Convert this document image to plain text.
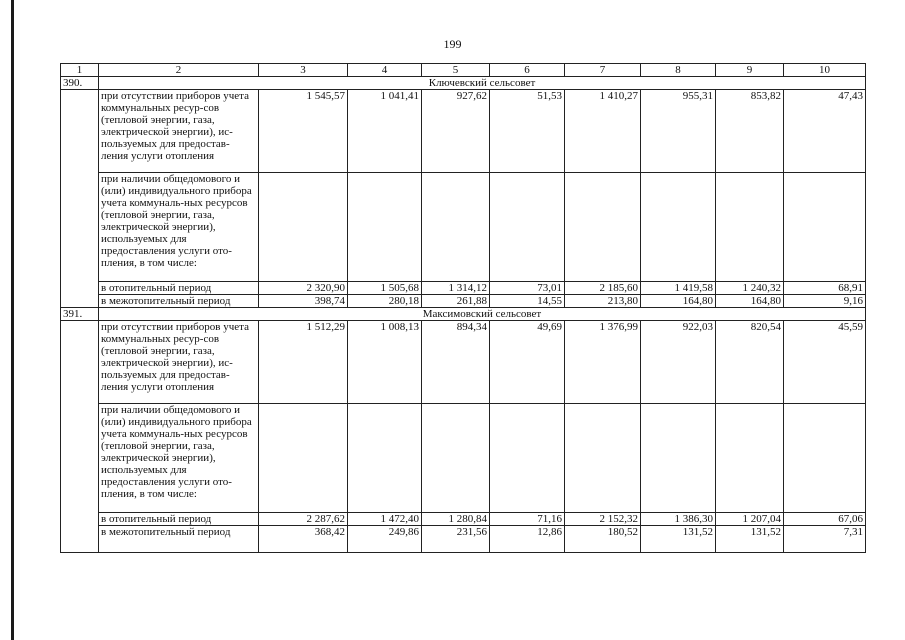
199
1	2	3	4	5	6	7	8	9	10
390.	Ключевский сельсовет								
	при отсутствии приборов учета коммунальных ресур-сов (тепловой энергии, газа, электрической энергии), ис-пользуемых для предостав-ления услуги отопления	1 545,57	1 041,41	927,62	51,53	1 410,27	955,31	853,82	47,43
	при наличии общедомового и (или) индивидуального прибора учета коммуналь-ных ресурсов (тепловой энергии, газа, электрической энергии), используемых для предоставления услуги ото-пления, в том числе:								
	в отопительный период	2 320,90	1 505,68	1 314,12	73,01	2 185,60	1 419,58	1 240,32	68,91
	в межотопительный период	398,74	280,18	261,88	14,55	213,80	164,80	164,80	9,16
391.	Максимовский сельсовет								
	при отсутствии приборов учета коммунальных ресур-сов (тепловой энергии, газа, электрической энергии), ис-пользуемых для предостав-ления услуги отопления	1 512,29	1 008,13	894,34	49,69	1 376,99	922,03	820,54	45,59
	при наличии общедомового и (или) индивидуального прибора учета коммуналь-ных ресурсов (тепловой энергии, газа, электрической энергии), используемых для предоставления услуги ото-пления, в том числе:								
	в отопительный период	2 287,62	1 472,40	1 280,84	71,16	2 152,32	1 386,30	1 207,04	67,06
	в межотопительный период	368,42	249,86	231,56	12,86	180,52	131,52	131,52	7,31
